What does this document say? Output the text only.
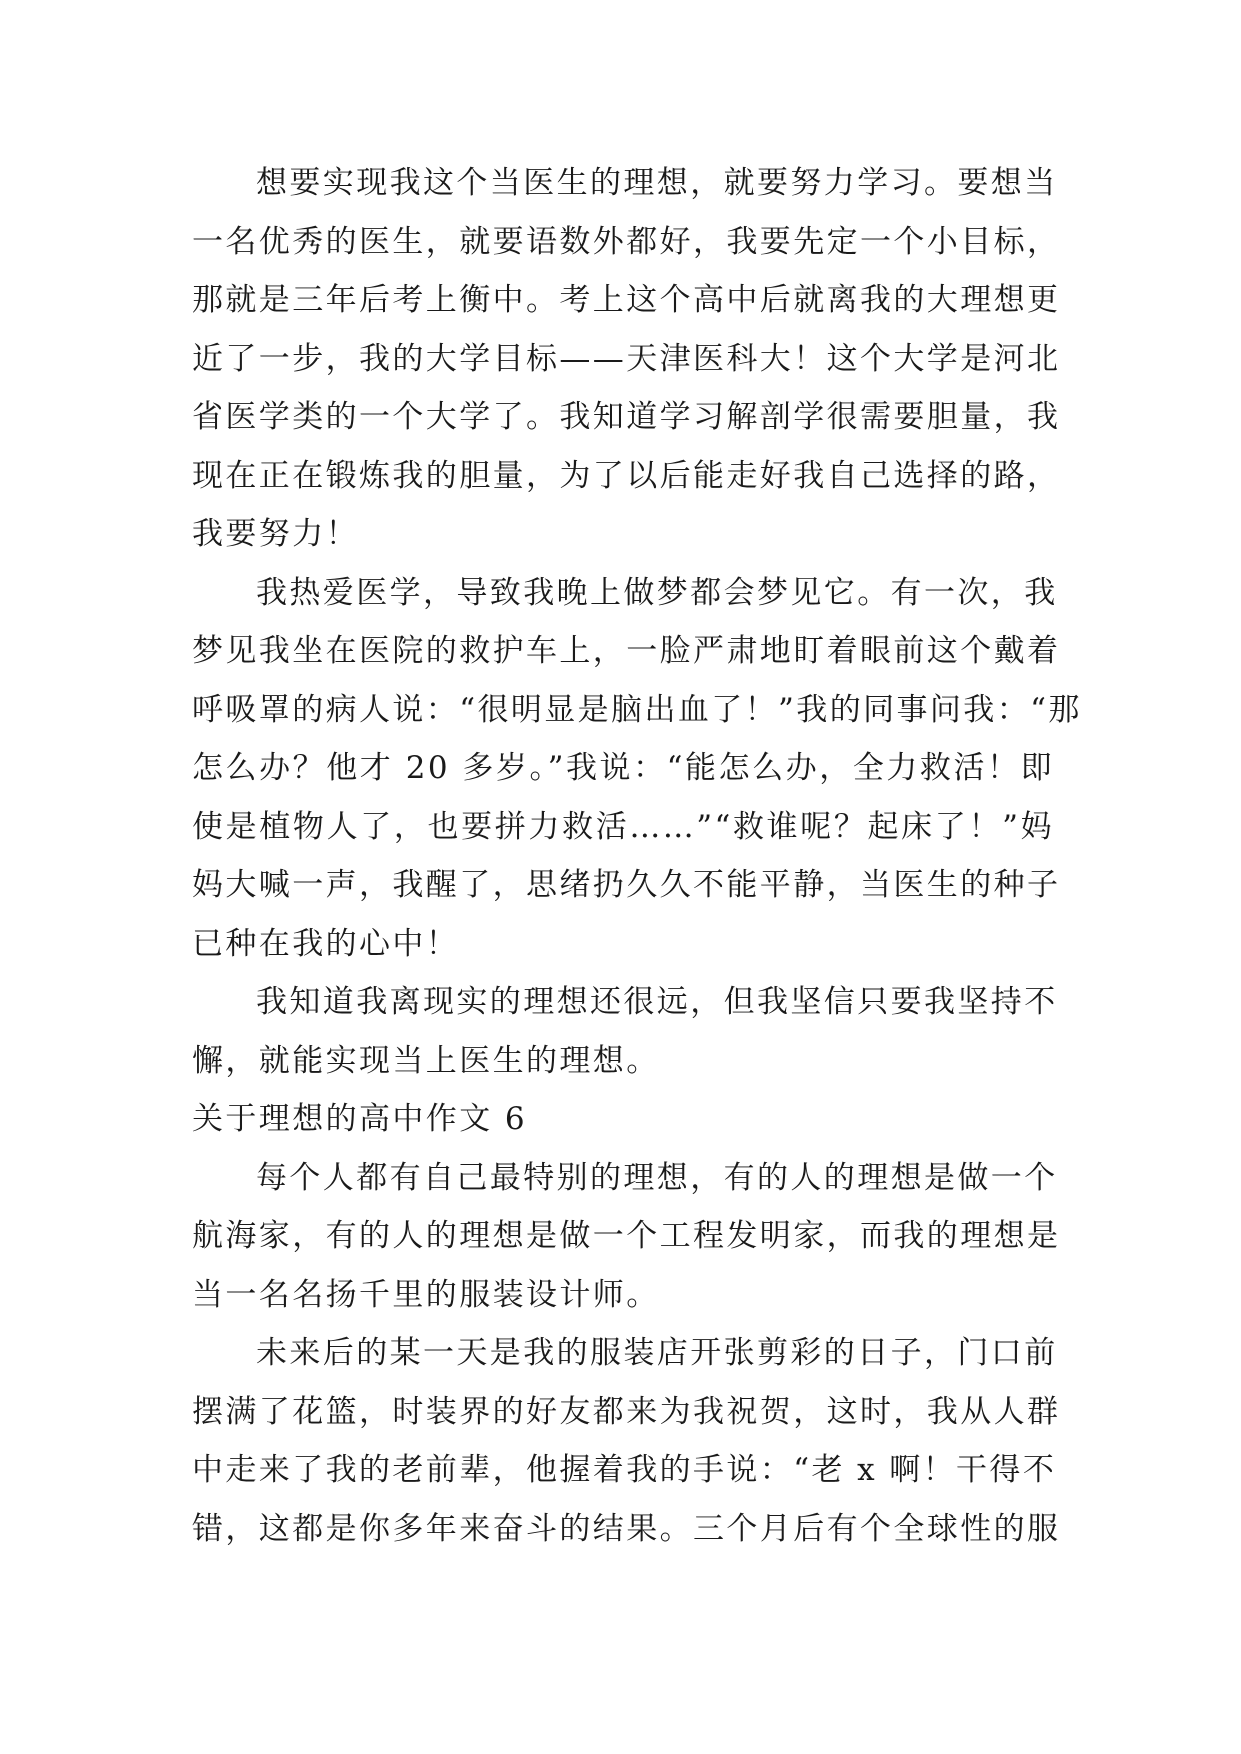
想要实现我这个当医生的理想，就要努力学习。要想当
一名优秀的医生，就要语数外都好，我要先定一个小目标，
那就是三年后考上衡中。考上这个高中后就离我的大理想更
近了一步，我的大学目标——天津医科大！这个大学是河北
省医学类的一个大学了。我知道学习解剖学很需要胆量，我
现在正在锻炼我的胆量，为了以后能走好我自己选择的路，
我要努力！
我热爱医学，导致我晚上做梦都会梦见它。有一次，我
梦见我坐在医院的救护车上，一脸严肃地盯着眼前这个戴着
呼吸罩的病人说：“很明显是脑出血了！”我的同事问我：“那
怎么办？他才 20 多岁。”我说：“能怎么办，全力救活！即
使是植物人了，也要拼力救活……”“救谁呢？起床了！”妈
妈大喊一声，我醒了，思绪扔久久不能平静，当医生的种子
已种在我的心中！
我知道我离现实的理想还很远，但我坚信只要我坚持不
懈，就能实现当上医生的理想。
关于理想的高中作文 6
每个人都有自己最特别的理想，有的人的理想是做一个
航海家，有的人的理想是做一个工程发明家，而我的理想是
当一名名扬千里的服装设计师。
未来后的某一天是我的服装店开张剪彩的日子，门口前
摆满了花篮，时装界的好友都来为我祝贺，这时，我从人群
中走来了我的老前辈，他握着我的手说：“老 x 啊！干得不
错，这都是你多年来奋斗的结果。三个月后有个全球性的服
